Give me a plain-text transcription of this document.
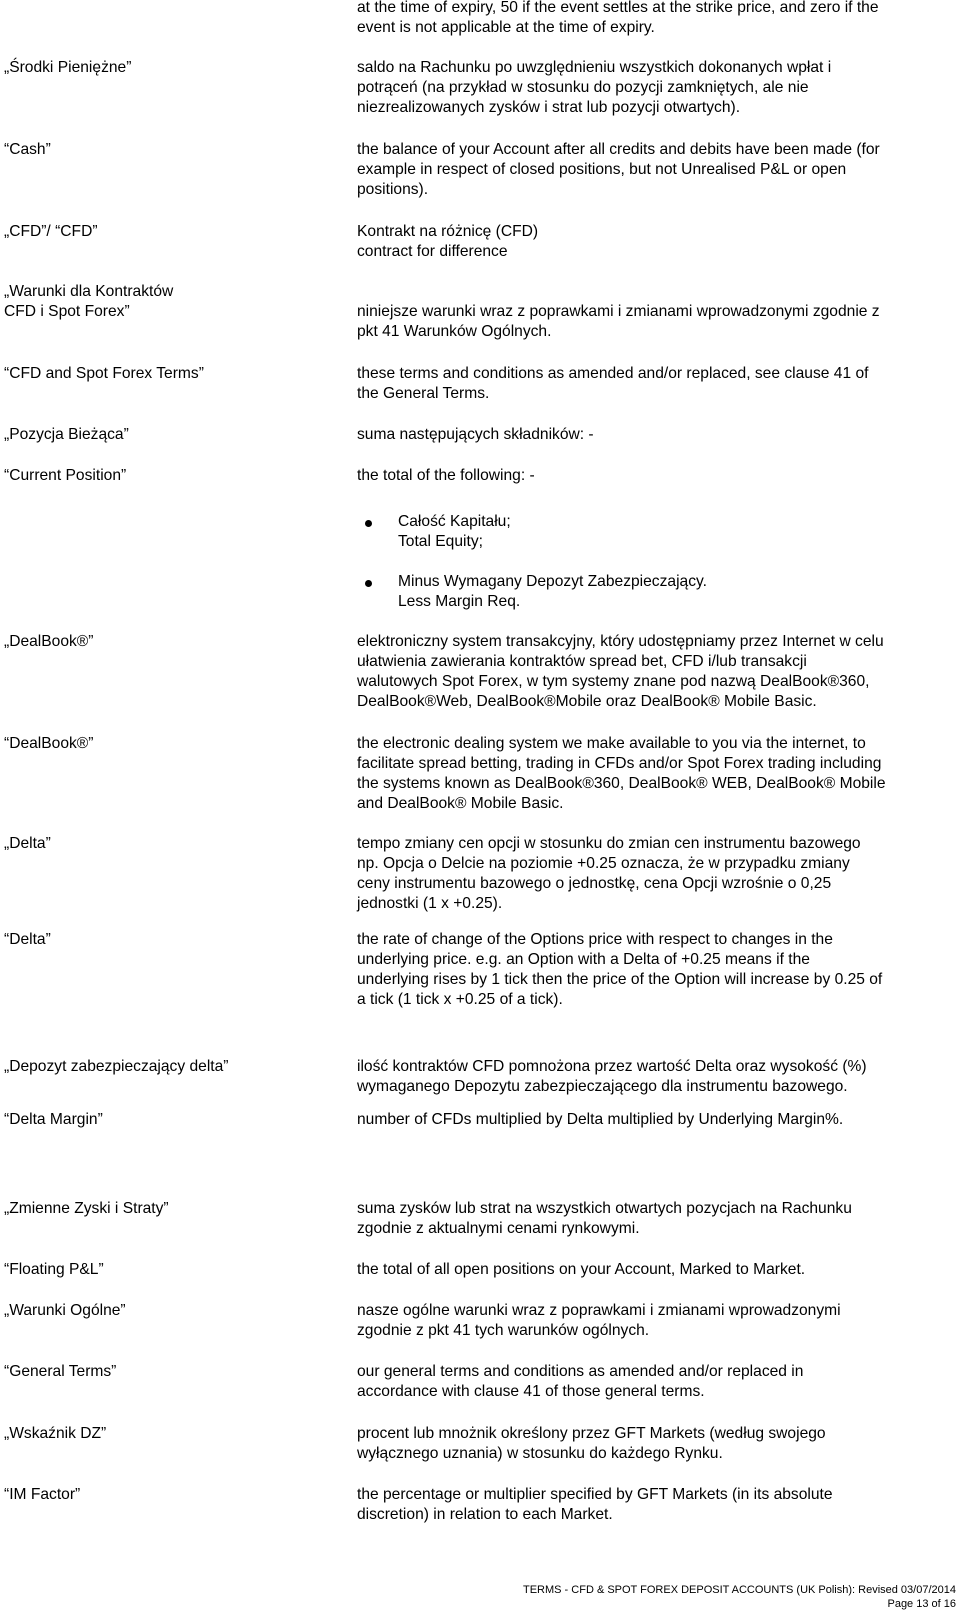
at the time of expiry, 50 if the event settles at the strike price, and zero if the
event is not applicable at the time of expiry.

„Środki Pieniężne”	saldo na Rachunku po uwzględnieniu wszystkich dokonanych wpłat i
potrąceń (na przykład w stosunku do pozycji zamkniętych, ale nie
niezrealizowanych zysków i strat lub pozycji otwartych).

“Cash”	the balance of your Account after all credits and debits have been made (for
example in respect of closed positions, but not Unrealised P&L or open
positions).

„CFD”/ “CFD”	Kontrakt na różnicę (CFD)
contract for difference
„Warunki dla Kontraktów
CFD i Spot Forex”	niniejsze warunki wraz z poprawkami i zmianami wprowadzonymi zgodnie z
pkt 41 Warunków Ogólnych.

“CFD and Spot Forex Terms”	these terms and conditions as amended and/or replaced, see clause 41 of
the General Terms.

„Pozycja Bieżąca”	suma następujących składników: -

“Current Position”	the total of the following: -
Całość Kapitału;
Total Equity;
Minus Wymagany Depozyt Zabezpieczający.
Less Margin Req.

„DealBook®”	elektroniczny system transakcyjny, który udostępniamy przez Internet w celu
ułatwienia zawierania kontraktów spread bet, CFD i/lub transakcji
walutowych Spot Forex, w tym systemy znane pod nazwą DealBook®360,
DealBook®Web, DealBook®Mobile oraz DealBook® Mobile Basic.

“DealBook®”	the electronic dealing system we make available to you via the internet, to
facilitate spread betting, trading in CFDs and/or Spot Forex trading including
the systems known as DealBook®360, DealBook® WEB, DealBook® Mobile
and DealBook® Mobile Basic.

„Delta”	tempo zmiany cen opcji w stosunku do zmian cen instrumentu bazowego
np. Opcja o Delcie na poziomie +0.25 oznacza, że w przypadku zmiany
ceny instrumentu bazowego o jednostkę, cena Opcji wzrośnie o 0,25
jednostki (1 x +0.25).

“Delta”	the rate of change of the Options price with respect to changes in the
underlying price. e.g. an Option with a Delta of +0.25 means if the
underlying rises by 1 tick then the price of the Option will increase by 0.25 of
a tick (1 tick x +0.25 of a tick).

„Depozyt zabezpieczający delta”	ilość kontraktów CFD pomnożona przez wartość Delta oraz wysokość (%)
wymaganego Depozytu zabezpieczającego dla instrumentu bazowego.

“Delta Margin”	number of CFDs multiplied by Delta multiplied by Underlying Margin%.

„Zmienne Zyski i Straty”	suma zysków lub strat na wszystkich otwartych pozycjach na Rachunku
zgodnie z aktualnymi cenami rynkowymi.

“Floating P&L”	the total of all open positions on your Account, Marked to Market.

„Warunki Ogólne”	nasze ogólne warunki wraz z poprawkami i zmianami wprowadzonymi
zgodnie z pkt 41 tych warunków ogólnych.

“General Terms”	our general terms and conditions as amended and/or replaced in
accordance with clause 41 of those general terms.

„Wskaźnik DZ”	procent lub mnożnik określony przez GFT Markets (według swojego
wyłącznego uznania) w stosunku do każdego Rynku.

“IM Factor”	the percentage or multiplier specified by GFT Markets (in its absolute
discretion) in relation to each Market.
TERMS - CFD & SPOT FOREX DEPOSIT ACCOUNTS (UK Polish): Revised 03/07/2014
Page 13 of 16
